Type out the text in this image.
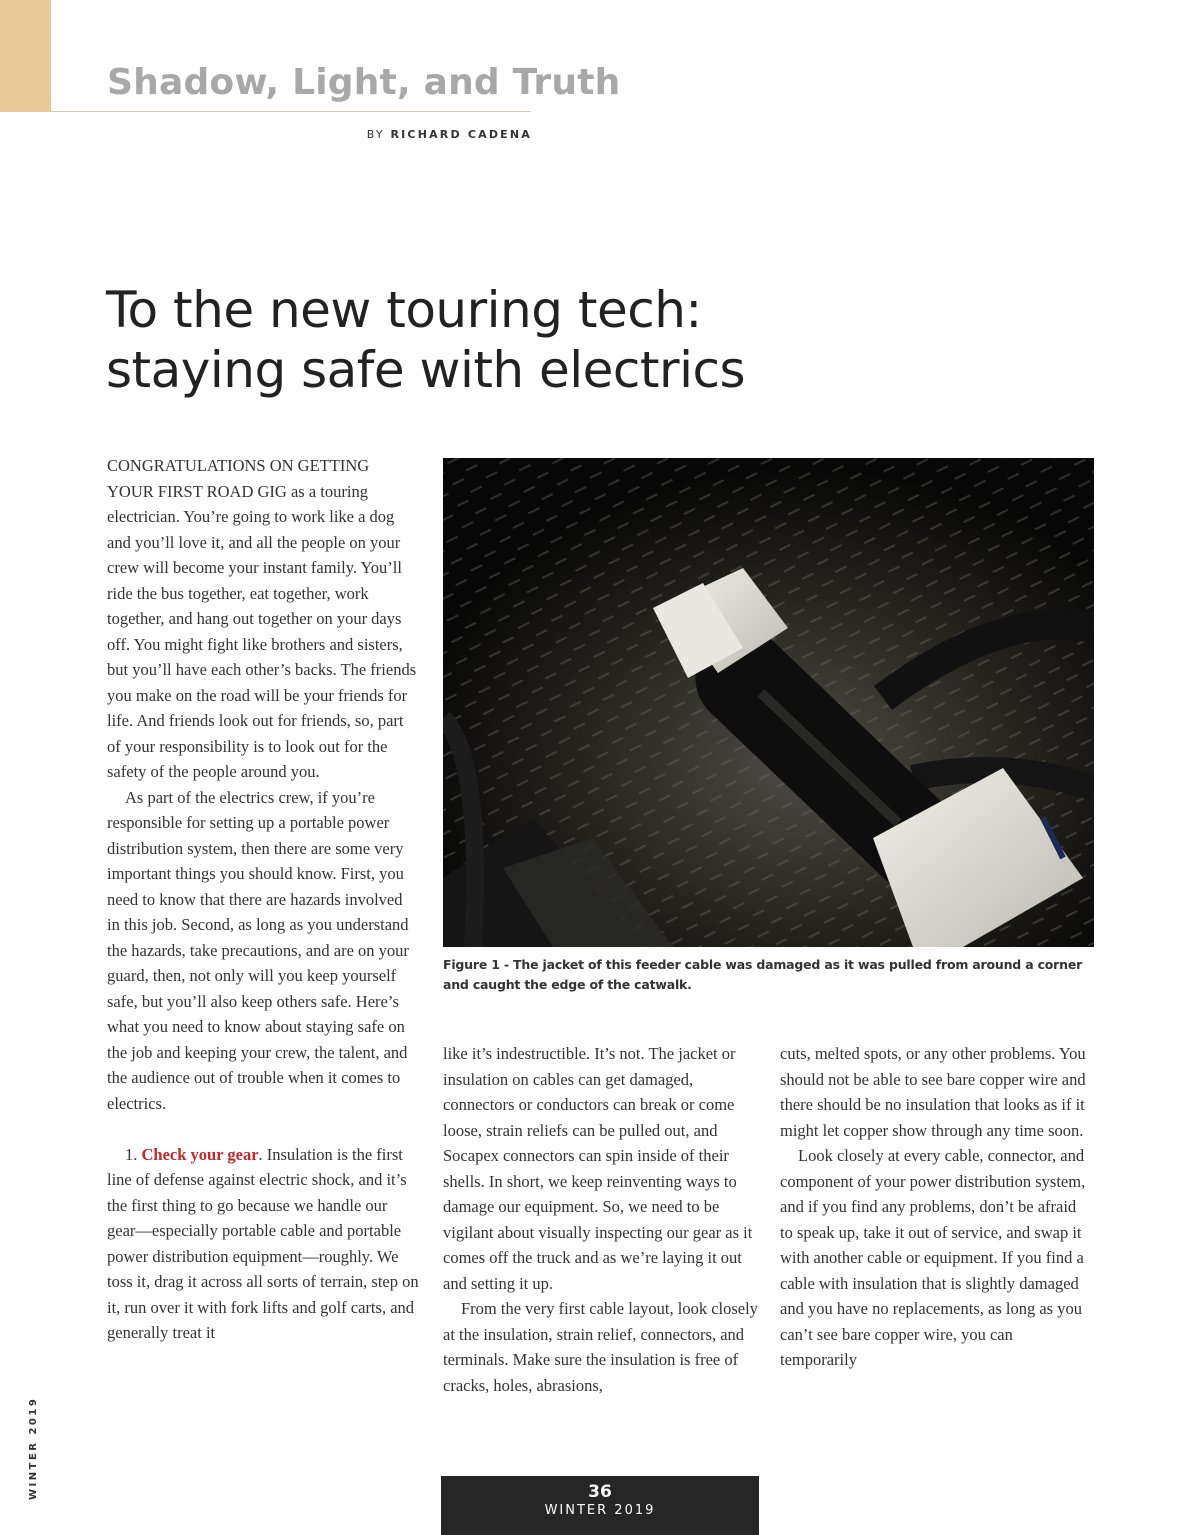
Shadow, Light, and Truth
BY RICHARD CADENA
To the new touring tech:
staying safe with electrics

CONGRATULATIONS ON GETTING YOUR FIRST ROAD GIG as a touring electrician. You’re going to work like a dog and you’ll love it, and all the people on your crew will become your instant family. You’ll ride the bus together, eat together, work together, and hang out together on your days off. You might fight like brothers and sisters, but you’ll have each other’s backs. The friends you make on the road will be your friends for life. And friends look out for friends, so, part of your responsibility is to look out for the safety of the people around you.

As part of the electrics crew, if you’re responsible for setting up a portable power distribution system, then there are some very important things you should know. First, you need to know that there are hazards involved in this job. Second, as long as you understand the hazards, take precautions, and are on your guard, then, not only will you keep yourself safe, but you’ll also keep others safe. Here’s what you need to know about staying safe on the job and keeping your crew, the talent, and the audience out of trouble when it comes to electrics.

1. Check your gear. Insulation is the first line of defense against electric shock, and it’s the first thing to go because we handle our gear—especially portable cable and portable power distribution equipment—roughly. We toss it, drag it across all sorts of terrain, step on it, run over it with fork lifts and golf carts, and generally treat it

Figure 1 - The jacket of this feeder cable was damaged as it was pulled from around a corner and caught the edge of the catwalk.

like it’s indestructible. It’s not. The jacket or insulation on cables can get damaged, connectors or conductors can break or come loose, strain reliefs can be pulled out, and Socapex connectors can spin inside of their shells. In short, we keep reinventing ways to damage our equipment. So, we need to be vigilant about visually inspecting our gear as it comes off the truck and as we’re laying it out and setting it up.

From the very first cable layout, look closely at the insulation, strain relief, connectors, and terminals. Make sure the insulation is free of cracks, holes, abrasions,

cuts, melted spots, or any other problems. You should not be able to see bare copper wire and there should be no insulation that looks as if it might let copper show through any time soon.

Look closely at every cable, connector, and component of your power distribution system, and if you find any problems, don’t be afraid to speak up, take it out of service, and swap it with another cable or equipment. If you find a cable with insulation that is slightly damaged and you have no replacements, as long as you can’t see bare copper wire, you can temporarily

WINTER 2019	36
WINTER 2019
